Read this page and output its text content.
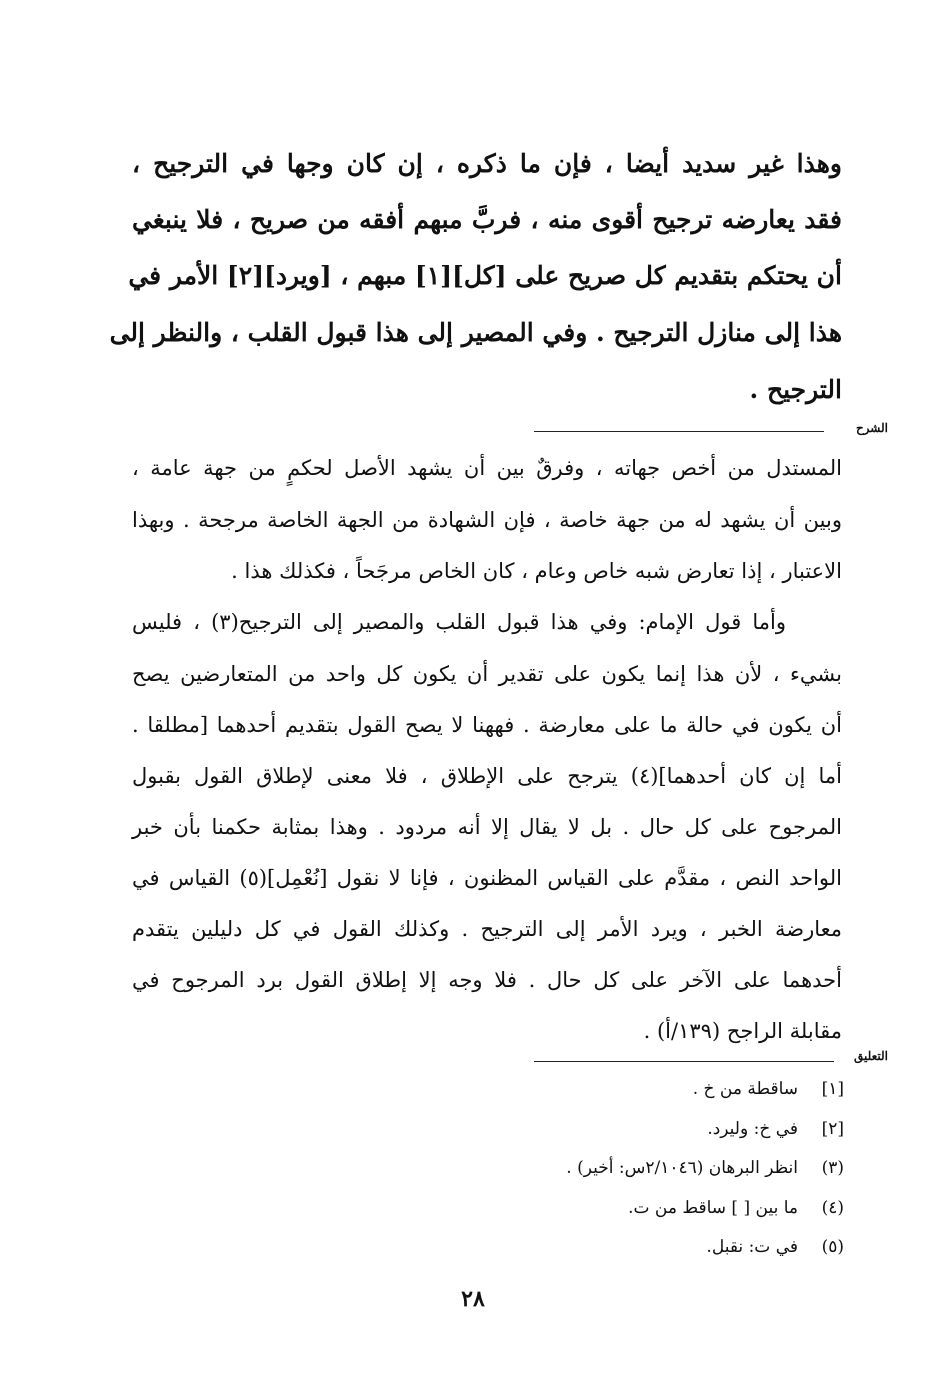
وهذا غير سديد أيضا ، فإن ما ذكره ، إن كان وجها في الترجيح ،
فقد يعارضه ترجيح أقوى منه ، فربَّ مبهم أفقه من صريح ، فلا ينبغي
أن يحتكم بتقديم كل صريح على [كل][١] مبهم ، [ويرد][٢] الأمر في
هذا إلى منازل الترجيح . وفي المصير إلى هذا قبول القلب ، والنظر إلى
الترجيح .
الشرح
المستدل من أخص جهاته ، وفرقٌ بين أن يشهد الأصل لحكمٍ من جهة عامة ،
وبين أن يشهد له من جهة خاصة ، فإن الشهادة من الجهة الخاصة مرجحة . وبهذا
الاعتبار ، إذا تعارض شبه خاص وعام ، كان الخاص مرجَحاً ، فكذلك هذا .
وأما قول الإمام: وفي هذا قبول القلب والمصير إلى الترجيح(٣) ، فليس
بشيء ، لأن هذا إنما يكون على تقدير أن يكون كل واحد من المتعارضين يصح
أن يكون في حالة ما على معارضة . فههنا لا يصح القول بتقديم أحدهما [مطلقا .
أما إن كان أحدهما](٤) يترجح على الإطلاق ، فلا معنى لإطلاق القول بقبول
المرجوح على كل حال . بل لا يقال إلا أنه مردود . وهذا بمثابة حكمنا بأن خبر
الواحد النص ، مقدَّم على القياس المظنون ، فإنا لا نقول [نُعْمِل](٥) القياس في
معارضة الخبر ، ويرد الأمر إلى الترجيح . وكذلك القول في كل دليلين يتقدم
أحدهما على الآخر على كل حال . فلا وجه إلا إطلاق القول برد المرجوح في
مقابلة الراجح (١٣٩/أ) .
التعليق
[١]ساقطة من خ .
[٢]في خ: وليرد.
(٣)انظر البرهان (٢/١٠٤٦س: أخير) .
(٤)ما بين [ ] ساقط من ت.
(٥)في ت: نقبل.
٢٨
